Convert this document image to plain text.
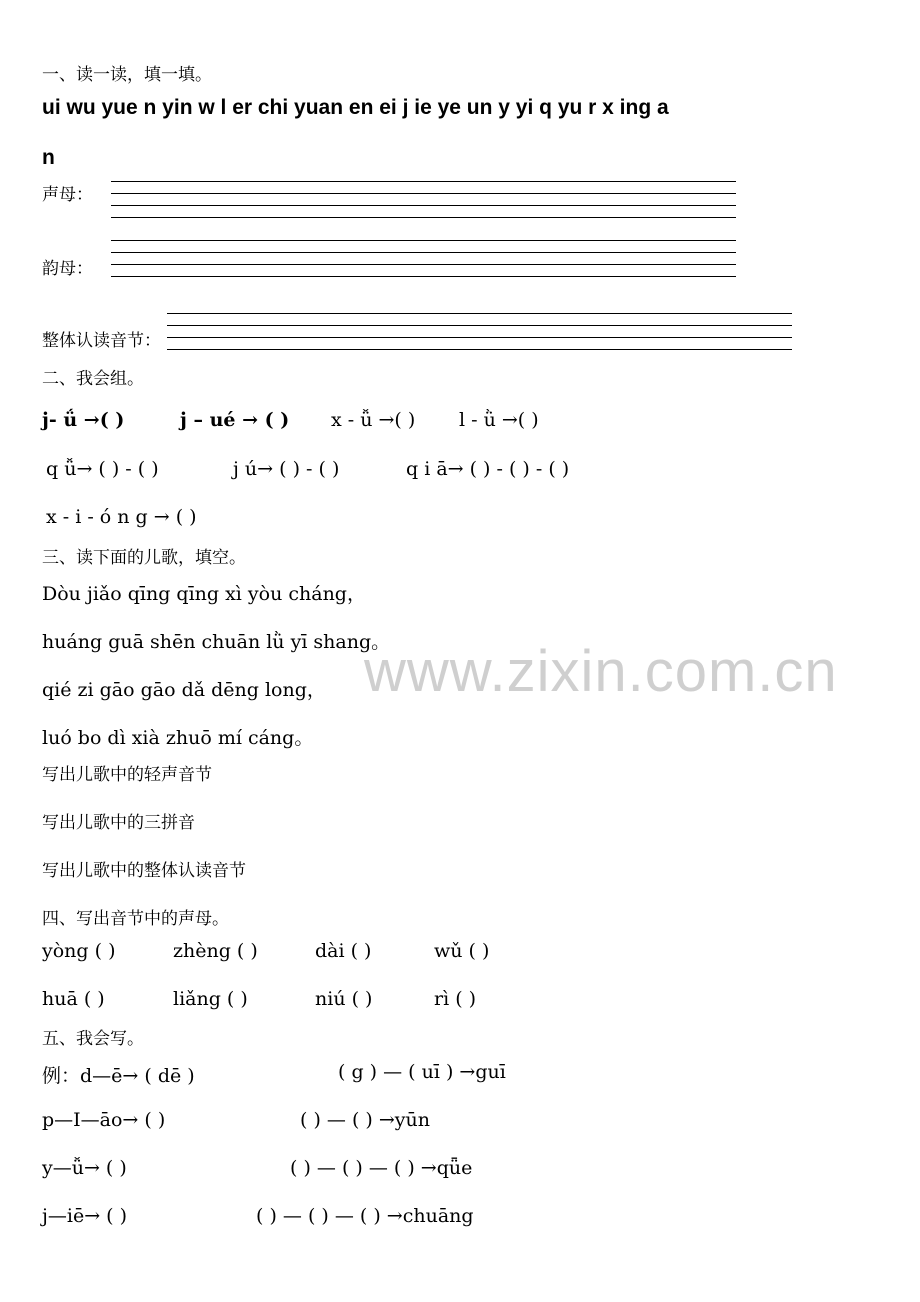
一、读一读，填一填。
ui wu yue n yin w l er chi yuan en ei j ie ye un y yi q yu r x ing a
n
声母：
韵母：
整体认读音节：
二、我会组。
j- ǘ →( )	j – ué → ( ) x - ǚ →( ) l - ǜ →( )
q ǚ→ ( ) - ( )	j ú→ ( ) - ( )	q i ā→ ( ) - ( ) - ( )
x - i - ó n g → ( )
三、读下面的儿歌，填空。
Dòu jiǎo qīng qīng xì yòu cháng，
huáng guā shēn chuān lǜ yī shang。
qié zi gāo gāo dǎ dēng long，
luó bo dì xià zhuō mí cáng。
写出儿歌中的轻声音节
写出儿歌中的三拼音
写出儿歌中的整体认读音节
四、写出音节中的声母。
yòng ( )	zhèng ( )	dài ( )	wǔ ( )
huā ( )	liǎng ( )	niú ( )	rì ( )
五、我会写。
例：d—ē→ ( dē )	( g ) — ( uī ) →guī
p—I—āo→ ( )	( ) — ( ) →yūn
y—ǚ→ ( )	( ) — ( ) — ( ) →qǖe
j—iē→ ( )	( ) — ( ) — ( ) →chuāng
www.zixin.com.cn
